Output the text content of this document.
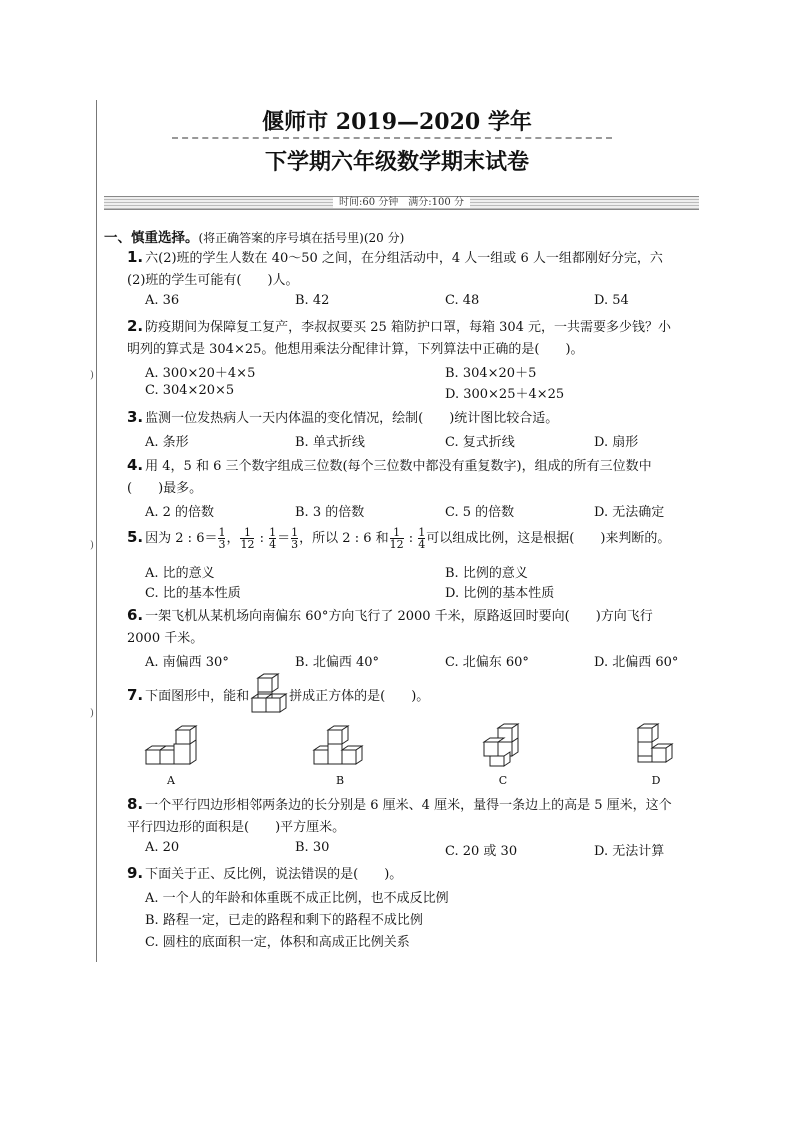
)
)
)
偃师市 2019—2020 学年
下学期六年级数学期末试卷
时间:60 分钟　满分:100 分
一、慎重选择。(将正确答案的序号填在括号里)(20 分)
1. 六(2)班的学生人数在 40～50 之间，在分组活动中，4 人一组或 6 人一组都刚好分完，六
(2)班的学生可能有(　　)人。
A. 36	B. 42	C. 48	D. 54
2. 防疫期间为保障复工复产，李叔叔要买 25 箱防护口罩，每箱 304 元，一共需要多少钱？小
明列的算式是 304×25。他想用乘法分配律计算，下列算法中正确的是(　　)。
A. 300×20＋4×5	B. 304×20＋5
C. 304×20×5	D. 300×25＋4×25
3. 监测一位发热病人一天内体温的变化情况，绘制(　　)统计图比较合适。
A. 条形	B. 单式折线	C. 复式折线	D. 扇形
4. 用 4，5 和 6 三个数字组成三位数(每个三位数中都没有重复数字)，组成的所有三位数中
(　　)最多。
A. 2 的倍数	B. 3 的倍数	C. 5 的倍数	D. 无法确定
5. 因为 2 : $6= \frac{1}{3}$ ， $\frac{1}{12}$ : $\frac{1}{4} = \frac{1}{3}$ ，所以 2 : 6 和 $\frac{1}{12}$ : $\frac{1}{4}$ 可以组成比例，这是根据(　　)来判断的。
A. 比的意义	B. 比例的意义
C. 比的基本性质	D. 比例的基本性质
6. 一架飞机从某机场向南偏东 60°方向飞行了 2000 千米，原路返回时要向(　　)方向飞行
2000 千米。
A. 南偏西 30°	B. 北偏西 40°	C. 北偏东 60°	D. 北偏西 60°
7. 下面图形中，能和	拼成正方体的是(　　)。
A	B	C	D
8. 一个平行四边形相邻两条边的长分别是 6 厘米、4 厘米，量得一条边上的高是 5 厘米，这个
平行四边形的面积是(　　)平方厘米。
A. 20	B. 30	C. 20 或 30	D. 无法计算
9. 下面关于正、反比例，说法错误的是(　　)。
A. 一个人的年龄和体重既不成正比例，也不成反比例
B. 路程一定，已走的路程和剩下的路程不成比例
C. 圆柱的底面积一定，体积和高成正比例关系
